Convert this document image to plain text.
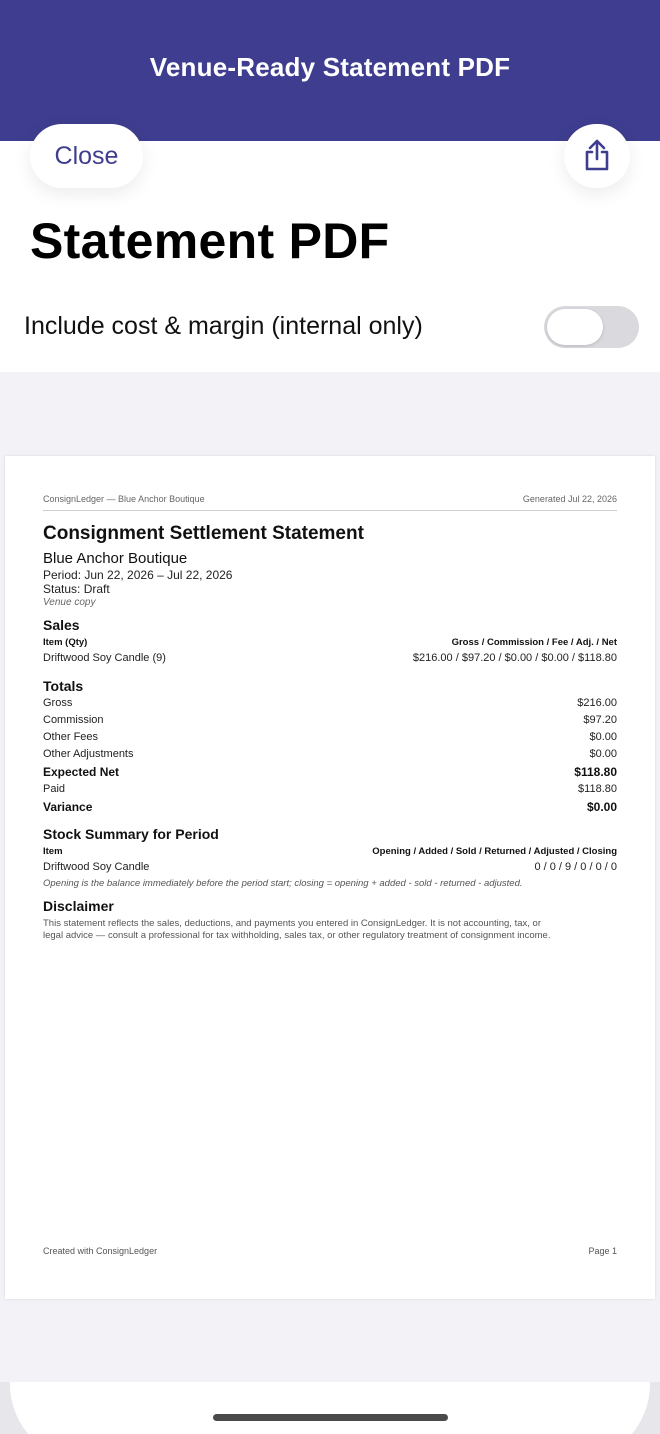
Venue-Ready Statement PDF
Close
Statement PDF
Include cost & margin (internal only)
ConsignLedger — Blue Anchor Boutique	Generated Jul 22, 2026
Consignment Settlement Statement
Blue Anchor Boutique
Period: Jun 22, 2026 – Jul 22, 2026
Status: Draft
Venue copy
Sales
Item (Qty)	Gross / Commission / Fee / Adj. / Net
Driftwood Soy Candle (9)	$216.00 / $97.20 / $0.00 / $0.00 / $118.80
Totals
Gross	$216.00
Commission	$97.20
Other Fees	$0.00
Other Adjustments	$0.00
Expected Net	$118.80
Paid	$118.80
Variance	$0.00
Stock Summary for Period
Item	Opening / Added / Sold / Returned / Adjusted / Closing
Driftwood Soy Candle	0 / 0 / 9 / 0 / 0 / 0
Opening is the balance immediately before the period start; closing = opening + added - sold - returned - adjusted.
Disclaimer
This statement reflects the sales, deductions, and payments you entered in ConsignLedger. It is not accounting, tax, or
legal advice — consult a professional for tax withholding, sales tax, or other regulatory treatment of consignment income.
Created with ConsignLedger	Page 1
